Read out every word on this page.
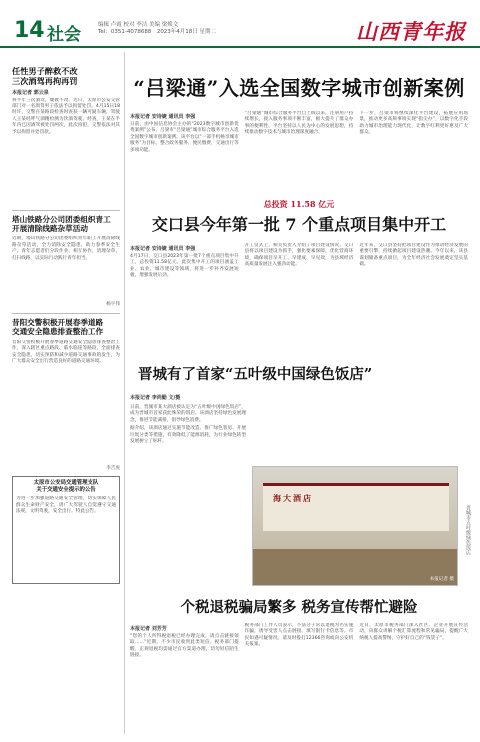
14 社会	编辑 卢霞 校对 李洁 美编 梁焕文
Tel：0351-4078688　2023年4月18日 星期二	山西青年报
任性男子醉救不改
三次酒驾再拘再罚
本报记者 郭云泉
将半年三次酒驾，屡教不改，近日，太原市公安交管部门对一名酒驾男子依法予以拘留处罚。4月15日18时许，交警在某路段检查时查获一辆可疑车辆，驾驶人王某经呼气酒精检测为饮酒驾驶。经查，王某在半年内已因酒驾被处罚两次，此次再犯，交警依法对其予以拘留并处罚款。
塔山铁路分公司团委组织青工
开展清除线路杂草活动
近期，塔山铁路分公司团委组织青年职工开展清除线路杂草活动，全力消除安全隐患，助力春季安全生产。青年志愿者们分段作业、相互协作，清理杂草、打扫线路，以实际行动践行青年担当。
杨宇伟
昔阳交警积极开展春季道路
交通安全隐患排查整治工作
昔阳交警积极开展春季道路交通安全隐患排查整治工作，深入辖区重点路段、临水临崖等路段，全面排查安全隐患，切实预防和减少道路交通事故的发生，为广大群众安全出行营造良好的道路交通环境。
李吉虎
太原市公安局交通管理支队
关于交通安全提示的公告
为进一步加强道路交通安全管理，切实保障人民群众生命财产安全，请广大驾驶人自觉遵守交通法规，文明驾驶，安全出行。特此公告。
“吕梁通”入选全国数字城市创新案例
本报记者 安诗婕 通讯员 李强
日前，由中国信息协会主办的“2023数字城市创新优秀案例”公布，吕梁市“吕梁通”城市综合服务平台入选全国数字城市创新案例。该平台以“一部手机畅享城市服务”为目标，整合政务服务、便民缴费、交通出行等多项功能。
“吕梁通”城市综合服务平台自上线以来，注册用户持续增长，接入服务事项不断丰富，极大提升了群众办事的便利性。平台坚持以人民为中心的发展思想，持续推动数字技术与城市治理深度融合。
下一步，吕梁市将继续深化平台建设，拓展应用场景，推动更多高频事项实现“指尖办”，以数字化手段助力城市治理能力现代化，让数字红利更好惠及广大群众。
总投资 11.58 亿元
交口县今年第一批 7 个重点项目集中开工
本报记者 安诗婕 通讯员 李强
4月17日，交口县2023年第一批7个重点项目集中开工，总投资11.58亿元。此次集中开工的项目涵盖工业、农业、城市建设等领域，将进一步补齐发展短板，增强发展后劲。
开工仪式上，相关负责人介绍了项目建设情况。交口县将以项目建设为抓手，强化要素保障，优化营商环境，确保项目早开工、早建成、早见效，为县域经济高质量发展注入强劲动能。
近年来，交口县坚持把项目建设作为推动经济发展的重要引擎，持续掀起项目建设热潮。今年以来，该县谋划储备重点项目，为全年经济社会发展奠定坚实基础。
晋城有了首家“五叶级中国绿色饭店”
本报记者 李尚勤 文/摄
日前，晋城市某大酒店被认定为“五叶级中国绿色饭店”，成为晋城市首家获此殊荣的饭店。该酒店坚持绿色发展理念，推进节能减排，倡导绿色消费。
据介绍，该酒店通过实施节能改造、推广绿色客房、开展垃圾分类等措施，有效降低了能源消耗，为行业绿色转型发展树立了标杆。
海大酒店
本报记者 摄
晋城市五叶级绿色饭店
个税退税骗局繁多 税务宣传帮忙避险
本报记者 刘芳芳
“您的个人所得税退税已经办理完成，请点击链接领取……”近期，不少市民收到此类短信。税务部门提醒，正规退税均需通过官方渠道办理，切勿轻信陌生链接。
税务部门工作人员表示，不法分子常以退税为名实施诈骗，诱导受害人点击链接、填写银行卡信息等。市民如遇可疑情况，请及时拨打12366咨询或向公安机关报案。
近日，太原市税务部门深入社区、企业开展宣传活动，向群众讲解个税汇算流程和常见骗局，提醒广大纳税人提高警惕，守护好自己的“钱袋子”。
